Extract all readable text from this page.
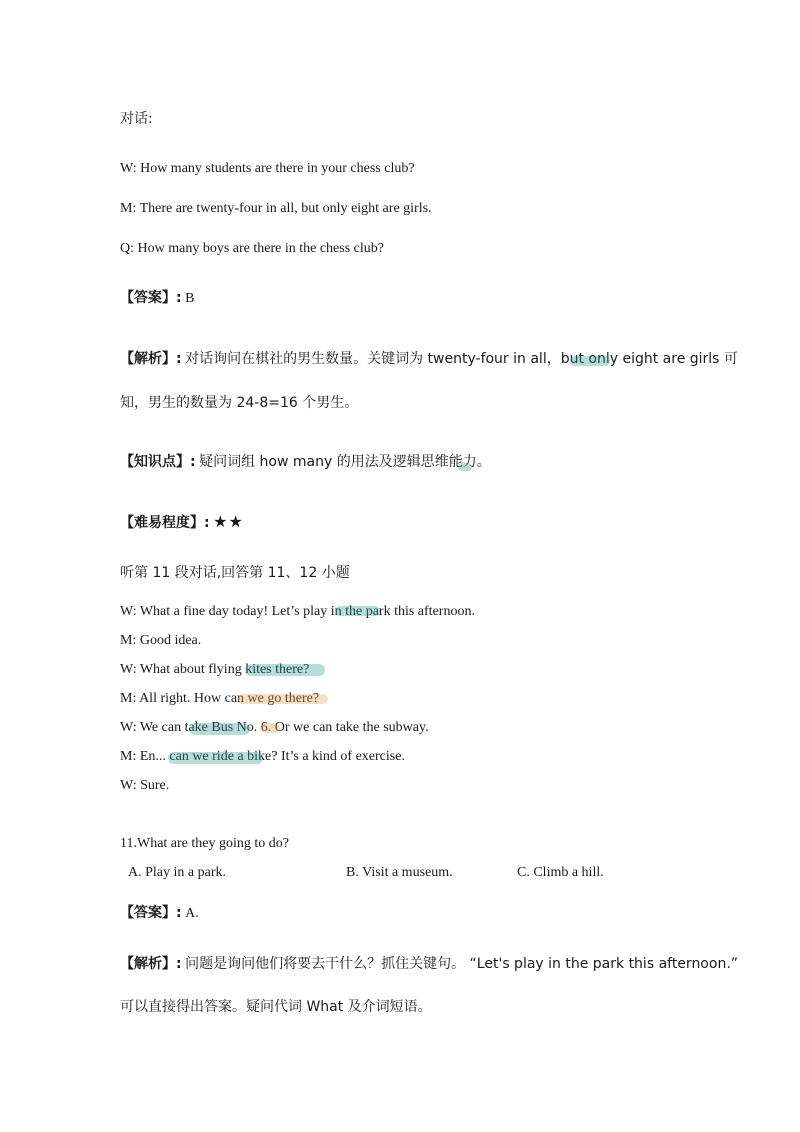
对话:
W: How many students are there in your chess club?
M: There are twenty-four in all, but only eight are girls.
Q: How many boys are there in the chess club?
【答案】: B
【解析】: 对话询问在棋社的男生数量。关键词为 twenty-four in all，but only eight are girls 可
知，男生的数量为 24-8=16 个男生。
【知识点】: 疑问词组 how many 的用法及逻辑思维能力。
【难易程度】: ★★
听第 11 段对话,回答第 11、12 小题
W: What a fine day today! Let’s play in the park this afternoon.
M: Good idea.
W: What about flying kites there?
M: All right. How can we go there?
W: We can take Bus No. 6. Or we can take the subway.
M: En... can we ride a bike? It’s a kind of exercise.
W: Sure.
11.What are they going to do?
A. Play in a park.	B. Visit a museum.	C. Climb a hill.
【答案】: A.
【解析】: 问题是询问他们将要去干什么？抓住关键句。 “Let's play in the park this afternoon.”
可以直接得出答案。疑问代词 What 及介词短语。
